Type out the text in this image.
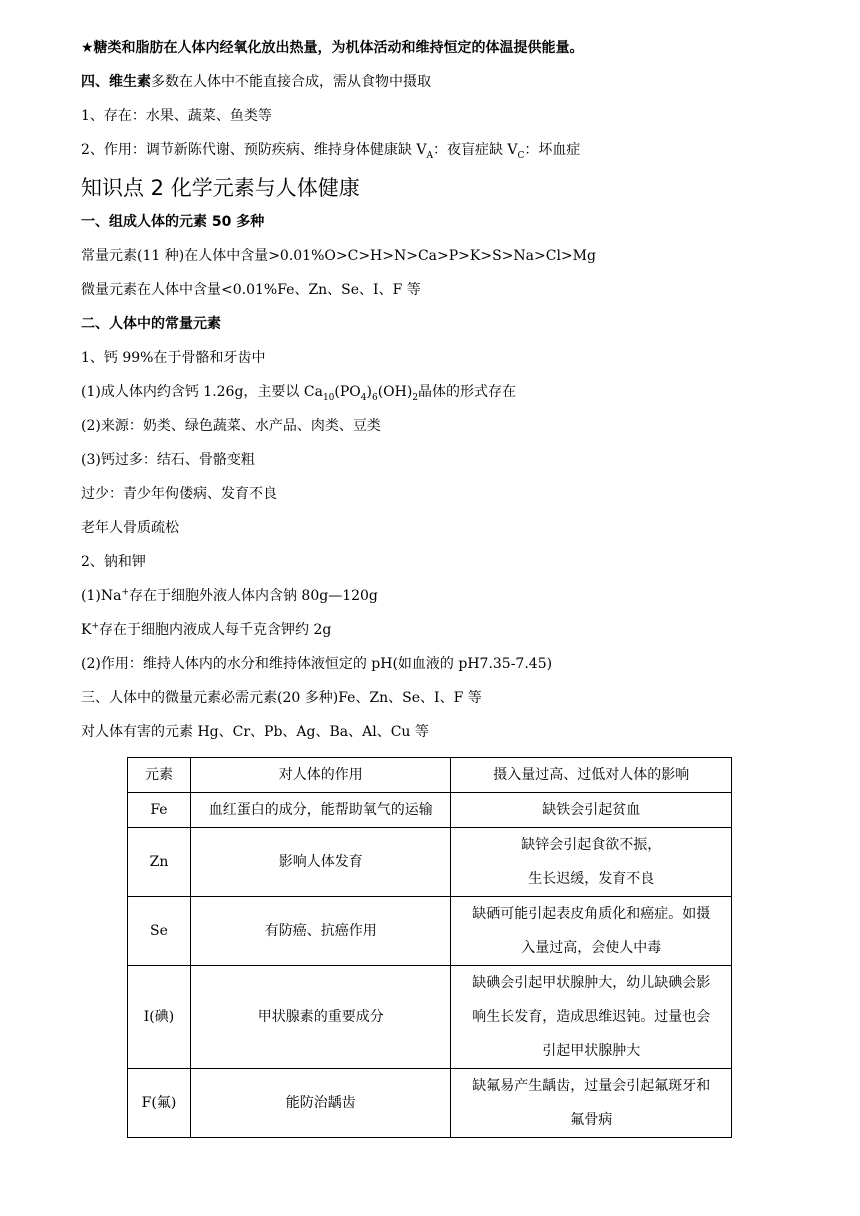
★糖类和脂肪在人体内经氧化放出热量，为机体活动和维持恒定的体温提供能量。
四、维生素多数在人体中不能直接合成，需从食物中摄取
1、存在：水果、蔬菜、鱼类等
2、作用：调节新陈代谢、预防疾病、维持身体健康缺 $V_A$：夜盲症缺 $V_C$：坏血症
知识点 2 化学元素与人体健康
一、组成人体的元素 50 多种
常量元素(11 种)在人体中含量>0.01%O>C>H>N>Ca>P>K>S>Na>Cl>Mg
微量元素在人体中含量<0.01%Fe、Zn、Se、I、F 等
二、人体中的常量元素
1、钙 99%在于骨骼和牙齿中
(1)成人体内约含钙 1.26g，主要以 $Ca_{10}(PO_4)_6(OH)_2$晶体的形式存在
(2)来源：奶类、绿色蔬菜、水产品、肉类、豆类
(3)钙过多：结石、骨骼变粗
过少：青少年佝偻病、发育不良
老年人骨质疏松
2、钠和钾
(1)Na+存在于细胞外液人体内含钠 80g—120g
K+存在于细胞内液成人每千克含钾约 2g
(2)作用：维持人体内的水分和维持体液恒定的 pH(如血液的 pH7.35-7.45)
三、人体中的微量元素必需元素(20 多种)Fe、Zn、Se、I、F 等
对人体有害的元素 Hg、Cr、Pb、Ag、Ba、Al、Cu 等
元素	对人体的作用	摄入量过高、过低对人体的影响
Fe	血红蛋白的成分，能帮助氧气的运输	缺铁会引起贫血

Zn	影响人体发育	缺锌会引起食欲不振，
生长迟缓，发育不良

Se	有防癌、抗癌作用	缺硒可能引起表皮角质化和癌症。如摄
入量过高，会使人中毒

I(碘)	甲状腺素的重要成分	缺碘会引起甲状腺肿大，幼儿缺碘会影
响生长发育，造成思维迟钝。过量也会
引起甲状腺肿大

F(氟)	能防治龋齿	缺氟易产生龋齿，过量会引起氟斑牙和
氟骨病
